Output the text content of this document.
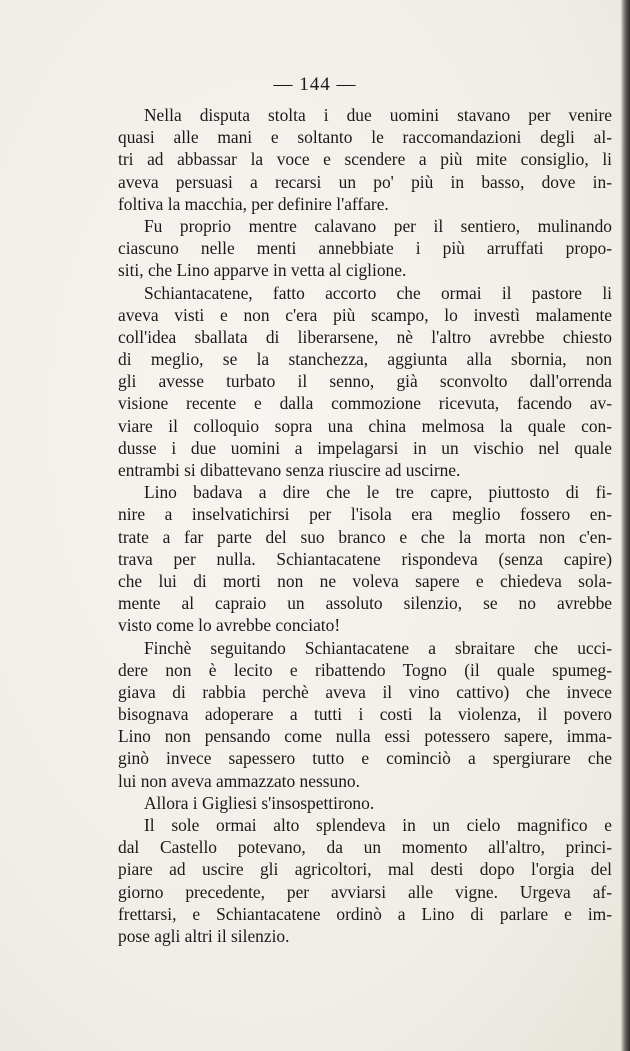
— 144 —
Nella disputa stolta i due uomini stavano per venire
quasi alle mani e soltanto le raccomandazioni degli al-
tri ad abbassar la voce e scendere a più mite consiglio, li
aveva persuasi a recarsi un po' più in basso, dove in-
foltiva la macchia, per definire l'affare.
Fu proprio mentre calavano per il sentiero, mulinando
ciascuno nelle menti annebbiate i più arruffati propo-
siti, che Lino apparve in vetta al ciglione.
Schiantacatene, fatto accorto che ormai il pastore li
aveva visti e non c'era più scampo, lo investì malamente
coll'idea sballata di liberarsene, nè l'altro avrebbe chiesto
di meglio, se la stanchezza, aggiunta alla sbornia, non
gli avesse turbato il senno, già sconvolto dall'orrenda
visione recente e dalla commozione ricevuta, facendo av-
viare il colloquio sopra una china melmosa la quale con-
dusse i due uomini a impelagarsi in un vischio nel quale
entrambi si dibattevano senza riuscire ad uscirne.
Lino badava a dire che le tre capre, piuttosto di fi-
nire a inselvatichirsi per l'isola era meglio fossero en-
trate a far parte del suo branco e che la morta non c'en-
trava per nulla. Schiantacatene rispondeva (senza capire)
che lui di morti non ne voleva sapere e chiedeva sola-
mente al capraio un assoluto silenzio, se no avrebbe
visto come lo avrebbe conciato!
Finchè seguitando Schiantacatene a sbraitare che ucci-
dere non è lecito e ribattendo Togno (il quale spumeg-
giava di rabbia perchè aveva il vino cattivo) che invece
bisognava adoperare a tutti i costi la violenza, il povero
Lino non pensando come nulla essi potessero sapere, imma-
ginò invece sapessero tutto e cominciò a spergiurare che
lui non aveva ammazzato nessuno.
Allora i Gigliesi s'insospettirono.
Il sole ormai alto splendeva in un cielo magnifico e
dal Castello potevano, da un momento all'altro, princi-
piare ad uscire gli agricoltori, mal desti dopo l'orgia del
giorno precedente, per avviarsi alle vigne. Urgeva af-
frettarsi, e Schiantacatene ordinò a Lino di parlare e im-
pose agli altri il silenzio.
